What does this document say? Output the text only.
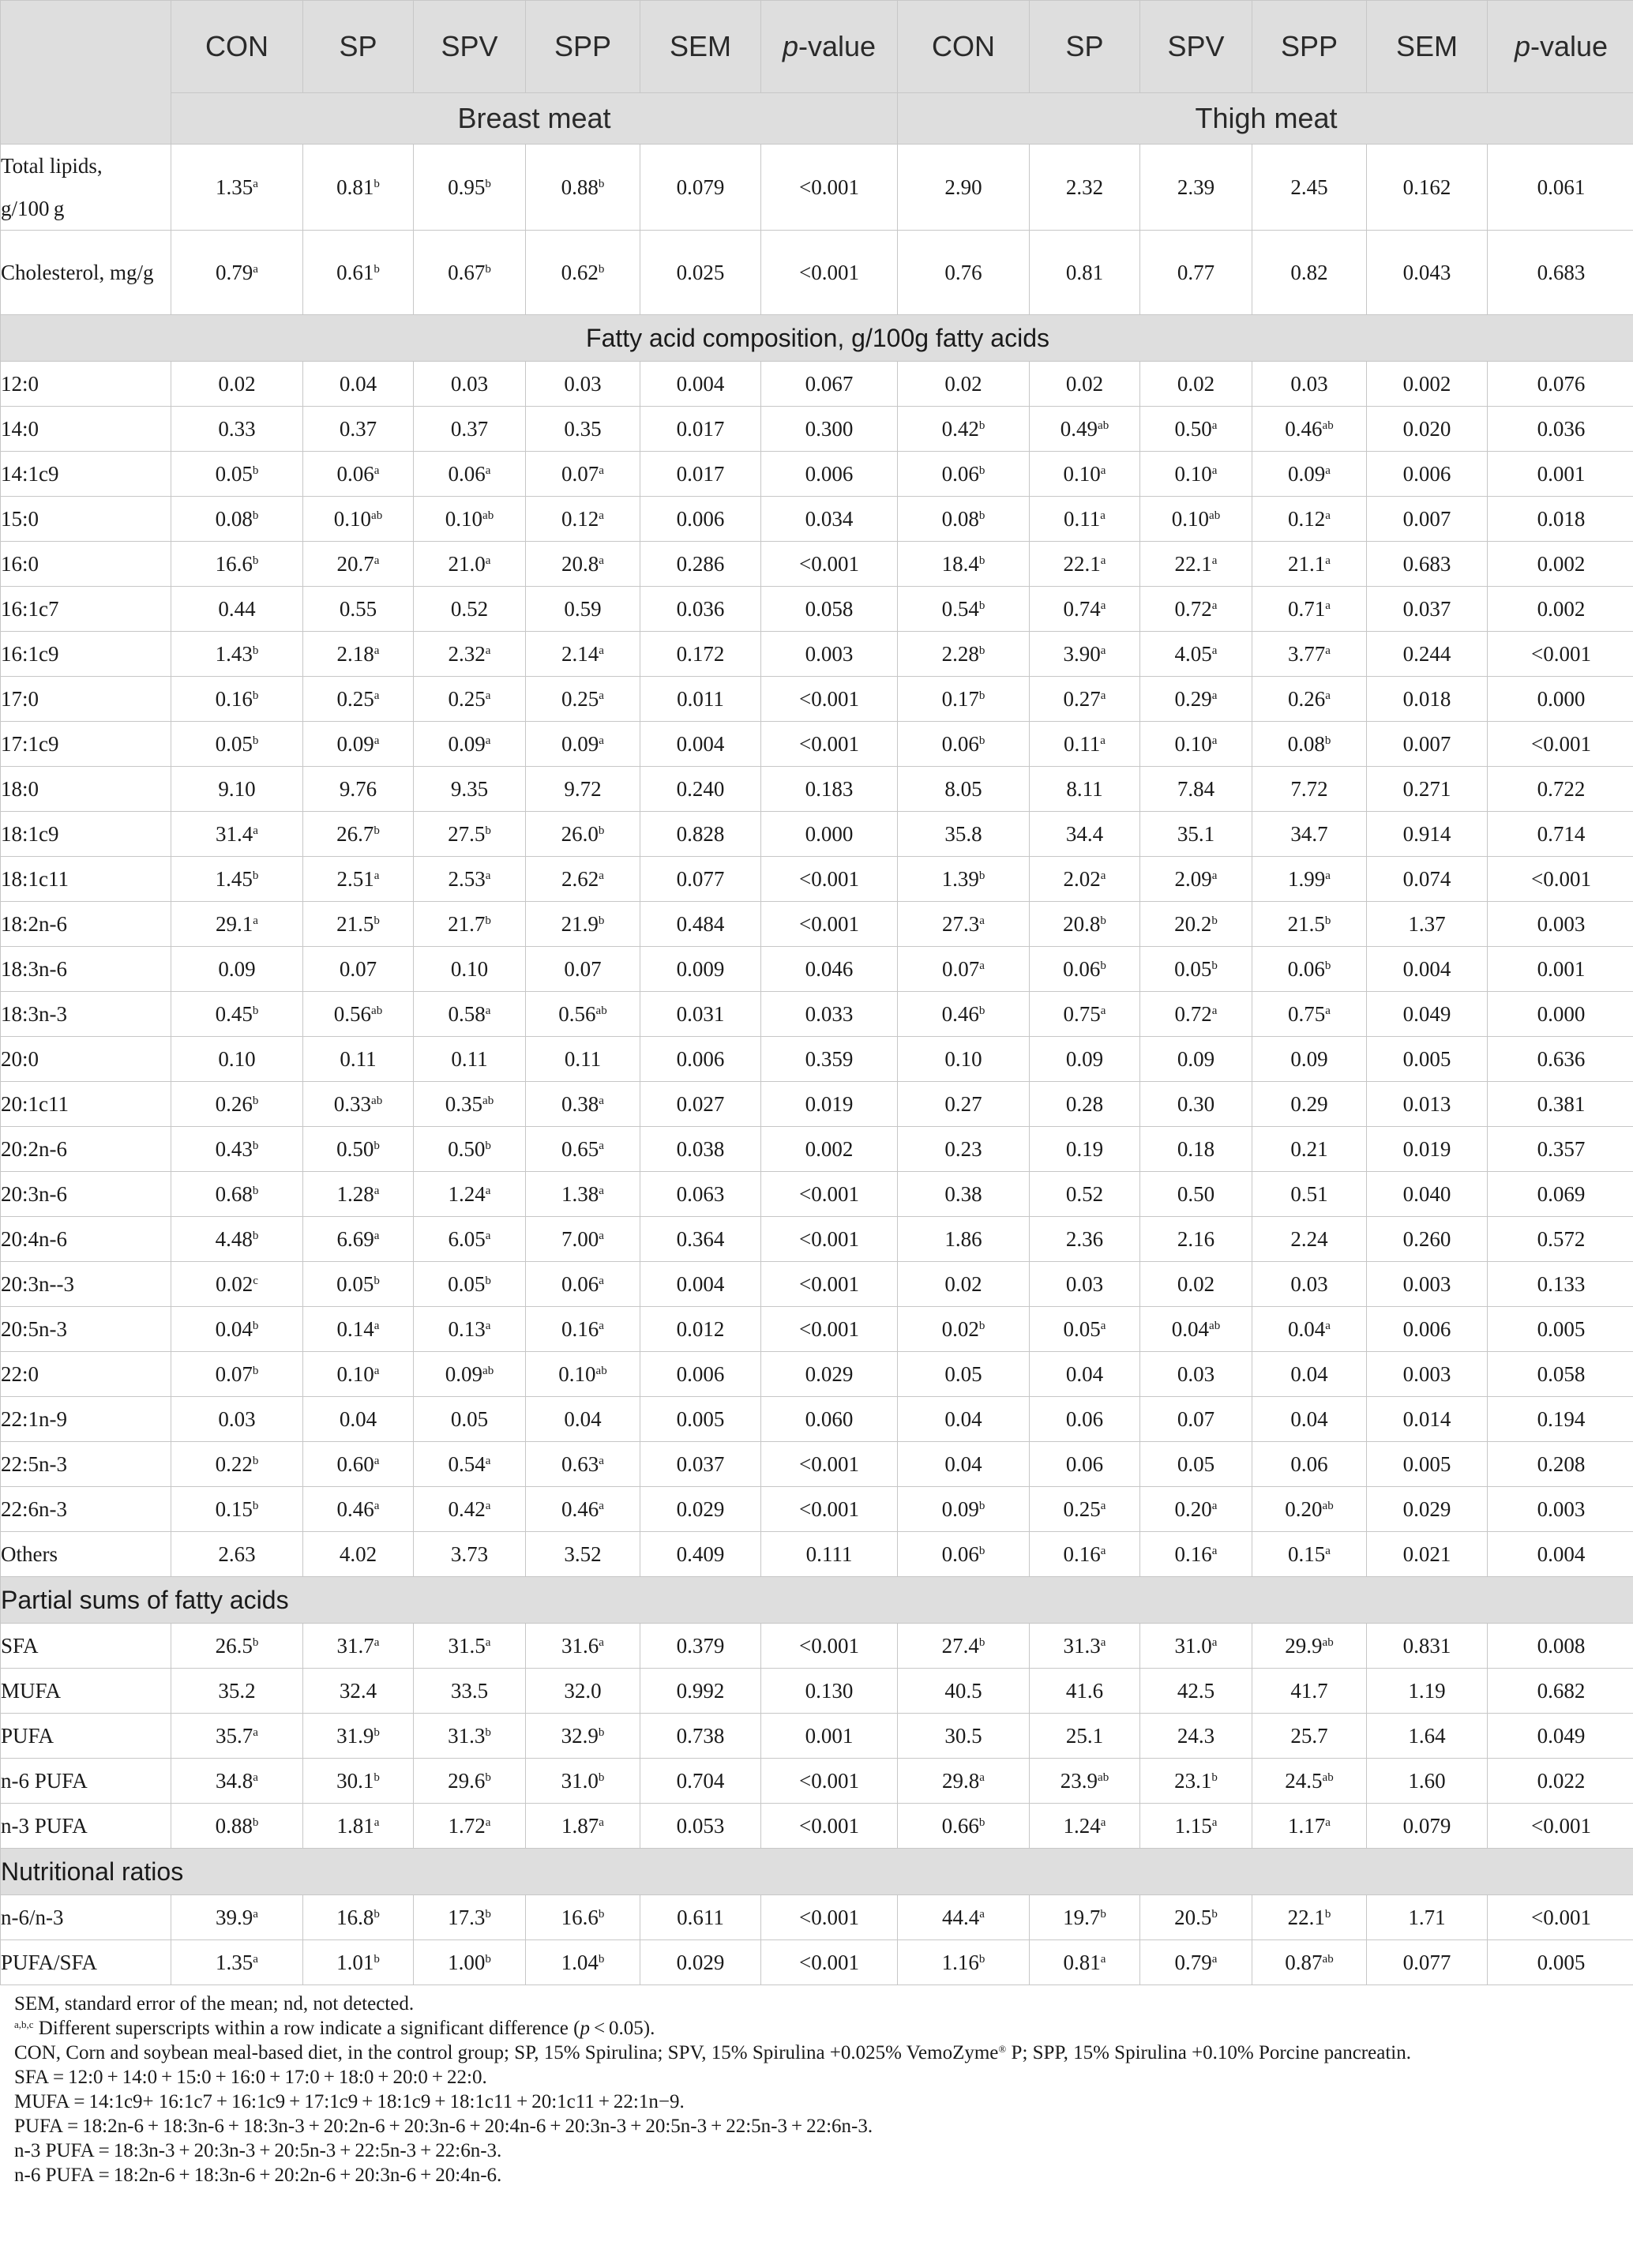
	CON	SP	SPV	SPP	SEM	p-value	CON	SP	SPV	SPP	SEM	p-value
	Breast meat						Thigh meat					
Total lipids, g/100 g	1.35$^a$	0.81$^b$	0.95$^b$	0.88$^b$	0.079	<0.001	2.90	2.32	2.39	2.45	0.162	0.061
Cholesterol, mg/g	0.79$^a$	0.61$^b$	0.67$^b$	0.62$^b$	0.025	<0.001	0.76	0.81	0.77	0.82	0.043	0.683
Fatty acid composition, g/100g fatty acids												
12:0	0.02	0.04	0.03	0.03	0.004	0.067	0.02	0.02	0.02	0.03	0.002	0.076
14:0	0.33	0.37	0.37	0.35	0.017	0.300	0.42$^b$	0.49$^{ab}$	0.50$^a$	0.46$^{ab}$	0.020	0.036
14:1c9	0.05$^b$	0.06$^a$	0.06$^a$	0.07$^a$	0.017	0.006	0.06$^b$	0.10$^a$	0.10$^a$	0.09$^a$	0.006	0.001
15:0	0.08$^b$	0.10$^{ab}$	0.10$^{ab}$	0.12$^a$	0.006	0.034	0.08$^b$	0.11$^a$	0.10$^{ab}$	0.12$^a$	0.007	0.018
16:0	16.6$^b$	20.7$^a$	21.0$^a$	20.8$^a$	0.286	<0.001	18.4$^b$	22.1$^a$	22.1$^a$	21.1$^a$	0.683	0.002
16:1c7	0.44	0.55	0.52	0.59	0.036	0.058	0.54$^b$	0.74$^a$	0.72$^a$	0.71$^a$	0.037	0.002
16:1c9	1.43$^b$	2.18$^a$	2.32$^a$	2.14$^a$	0.172	0.003	2.28$^b$	3.90$^a$	4.05$^a$	3.77$^a$	0.244	<0.001
17:0	0.16$^b$	0.25$^a$	0.25$^a$	0.25$^a$	0.011	<0.001	0.17$^b$	0.27$^a$	0.29$^a$	0.26$^a$	0.018	0.000
17:1c9	0.05$^b$	0.09$^a$	0.09$^a$	0.09$^a$	0.004	<0.001	0.06$^b$	0.11$^a$	0.10$^a$	0.08$^b$	0.007	<0.001
18:0	9.10	9.76	9.35	9.72	0.240	0.183	8.05	8.11	7.84	7.72	0.271	0.722
18:1c9	31.4$^a$	26.7$^b$	27.5$^b$	26.0$^b$	0.828	0.000	35.8	34.4	35.1	34.7	0.914	0.714
18:1c11	1.45$^b$	2.51$^a$	2.53$^a$	2.62$^a$	0.077	<0.001	1.39$^b$	2.02$^a$	2.09$^a$	1.99$^a$	0.074	<0.001
18:2n-6	29.1$^a$	21.5$^b$	21.7$^b$	21.9$^b$	0.484	<0.001	27.3$^a$	20.8$^b$	20.2$^b$	21.5$^b$	1.37	0.003
18:3n-6	0.09	0.07	0.10	0.07	0.009	0.046	0.07$^a$	0.06$^b$	0.05$^b$	0.06$^b$	0.004	0.001
18:3n-3	0.45$^b$	0.56$^{ab}$	0.58$^a$	0.56$^{ab}$	0.031	0.033	0.46$^b$	0.75$^a$	0.72$^a$	0.75$^a$	0.049	0.000
20:0	0.10	0.11	0.11	0.11	0.006	0.359	0.10	0.09	0.09	0.09	0.005	0.636
20:1c11	0.26$^b$	0.33$^{ab}$	0.35$^{ab}$	0.38$^a$	0.027	0.019	0.27	0.28	0.30	0.29	0.013	0.381
20:2n-6	0.43$^b$	0.50$^b$	0.50$^b$	0.65$^a$	0.038	0.002	0.23	0.19	0.18	0.21	0.019	0.357
20:3n-6	0.68$^b$	1.28$^a$	1.24$^a$	1.38$^a$	0.063	<0.001	0.38	0.52	0.50	0.51	0.040	0.069
20:4n-6	4.48$^b$	6.69$^a$	6.05$^a$	7.00$^a$	0.364	<0.001	1.86	2.36	2.16	2.24	0.260	0.572
20:3n--3	0.02$^c$	0.05$^b$	0.05$^b$	0.06$^a$	0.004	<0.001	0.02	0.03	0.02	0.03	0.003	0.133
20:5n-3	0.04$^b$	0.14$^a$	0.13$^a$	0.16$^a$	0.012	<0.001	0.02$^b$	0.05$^a$	0.04$^{ab}$	0.04$^a$	0.006	0.005
22:0	0.07$^b$	0.10$^a$	0.09$^{ab}$	0.10$^{ab}$	0.006	0.029	0.05	0.04	0.03	0.04	0.003	0.058
22:1n-9	0.03	0.04	0.05	0.04	0.005	0.060	0.04	0.06	0.07	0.04	0.014	0.194
22:5n-3	0.22$^b$	0.60$^a$	0.54$^a$	0.63$^a$	0.037	<0.001	0.04	0.06	0.05	0.06	0.005	0.208
22:6n-3	0.15$^b$	0.46$^a$	0.42$^a$	0.46$^a$	0.029	<0.001	0.09$^b$	0.25$^a$	0.20$^a$	0.20$^{ab}$	0.029	0.003
Others	2.63	4.02	3.73	3.52	0.409	0.111	0.06$^b$	0.16$^a$	0.16$^a$	0.15$^a$	0.021	0.004
Partial sums of fatty acids												
SFA	26.5$^b$	31.7$^a$	31.5$^a$	31.6$^a$	0.379	<0.001	27.4$^b$	31.3$^a$	31.0$^a$	29.9$^{ab}$	0.831	0.008
MUFA	35.2	32.4	33.5	32.0	0.992	0.130	40.5	41.6	42.5	41.7	1.19	0.682
PUFA	35.7$^a$	31.9$^b$	31.3$^b$	32.9$^b$	0.738	0.001	30.5	25.1	24.3	25.7	1.64	0.049
n-6 PUFA	34.8$^a$	30.1$^b$	29.6$^b$	31.0$^b$	0.704	<0.001	29.8$^a$	23.9$^{ab}$	23.1$^b$	24.5$^{ab}$	1.60	0.022
n-3 PUFA	0.88$^b$	1.81$^a$	1.72$^a$	1.87$^a$	0.053	<0.001	0.66$^b$	1.24$^a$	1.15$^a$	1.17$^a$	0.079	<0.001
Nutritional ratios												
n-6/n-3	39.9$^a$	16.8$^b$	17.3$^b$	16.6$^b$	0.611	<0.001	44.4$^a$	19.7$^b$	20.5$^b$	22.1$^b$	1.71	<0.001
PUFA/SFA	1.35$^a$	1.01$^b$	1.00$^b$	1.04$^b$	0.029	<0.001	1.16$^b$	0.81$^a$	0.79$^a$	0.87$^{ab}$	0.077	0.005
SEM, standard error of the mean; nd, not detected.
$^{a,b,c}$ Different superscripts within a row indicate a significant difference (p < 0.05).
CON, Corn and soybean meal-based diet, in the control group; SP, 15% Spirulina; SPV, 15% Spirulina +0.025% VemoZyme® P; SPP, 15% Spirulina +0.10% Porcine pancreatin.
SFA = 12:0 + 14:0 + 15:0 + 16:0 + 17:0 + 18:0 + 20:0 + 22:0.
MUFA = 14:1c9+ 16:1c7 + 16:1c9 + 17:1c9 + 18:1c9 + 18:1c11 + 20:1c11 + 22:1n−9.
PUFA = 18:2n-6 + 18:3n-6 + 18:3n-3 + 20:2n-6 + 20:3n-6 + 20:4n-6 + 20:3n-3 + 20:5n-3 + 22:5n-3 + 22:6n-3.
n-3 PUFA = 18:3n-3 + 20:3n-3 + 20:5n-3 + 22:5n-3 + 22:6n-3.
n-6 PUFA = 18:2n-6 + 18:3n-6 + 20:2n-6 + 20:3n-6 + 20:4n-6.
